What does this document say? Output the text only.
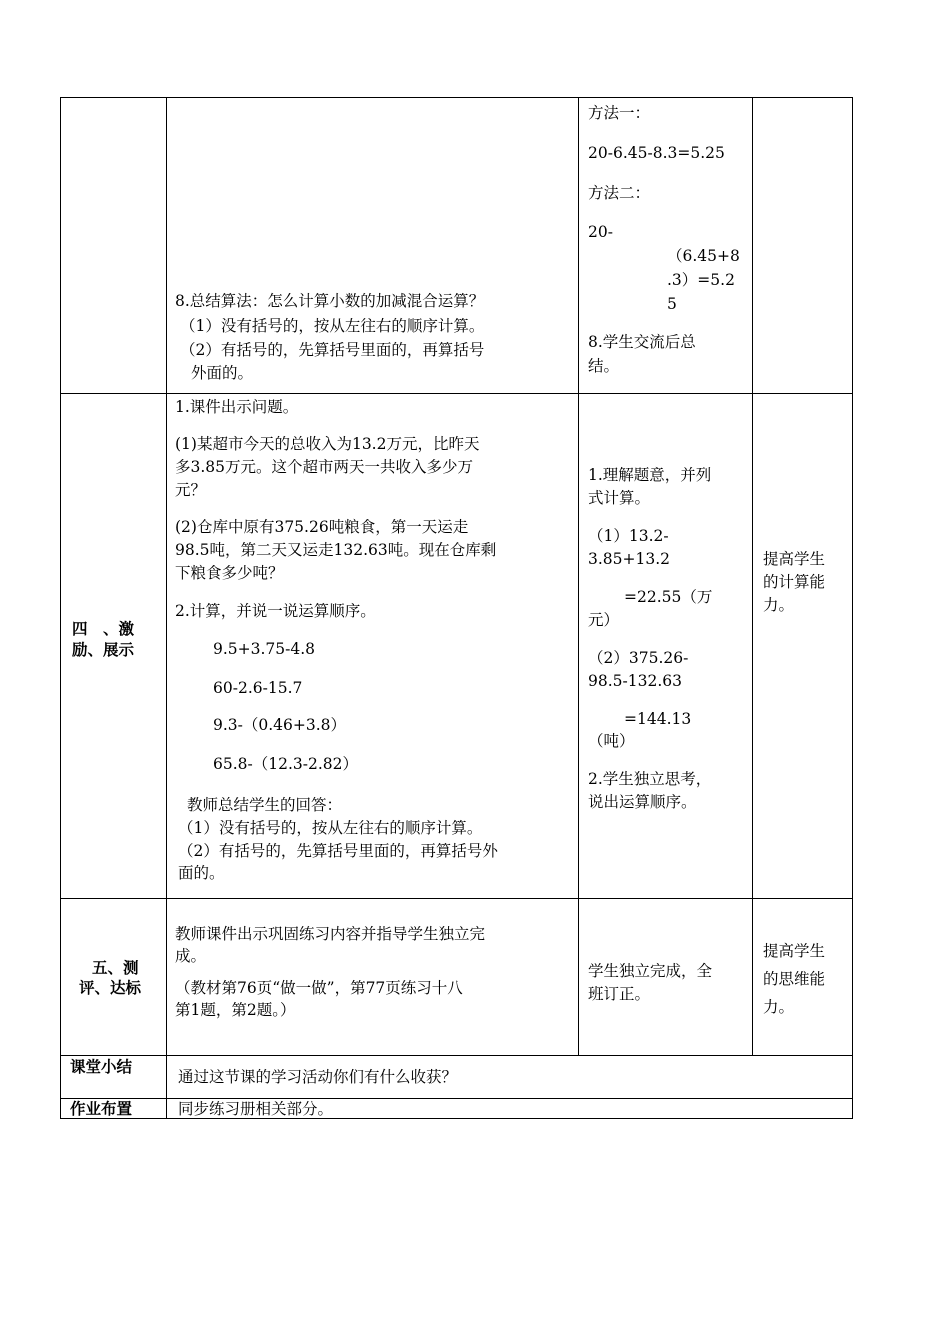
8.总结算法：怎么计算小数的加减混合运算？
（1）没有括号的，按从左往右的顺序计算。
（2）有括号的，先算括号里面的，再算括号
外面的。
方法一：
20-6.45-8.3=5.25
方法二：
20-
（6.45+8
.3）=5.2
5
8.学生交流后总
结。
四　、激
励、展示
1.课件出示问题。
(1)某超市今天的总收入为13.2万元，比昨天
多3.85万元。这个超市两天一共收入多少万
元？
(2)仓库中原有375.26吨粮食，第一天运走
98.5吨，第二天又运走132.63吨。现在仓库剩
下粮食多少吨？
2.计算，并说一说运算顺序。
9.5+3.75-4.8
60-2.6-15.7
9.3-（0.46+3.8）
65.8-（12.3-2.82）
教师总结学生的回答：
（1）没有括号的，按从左往右的顺序计算。
（2）有括号的，先算括号里面的，再算括号外
面的。
1.理解题意，并列
式计算。
（1）13.2-
3.85+13.2
=22.55（万
元）
（2）375.26-
98.5-132.63
=144.13
（吨）
2.学生独立思考，
说出运算顺序。
提高学生
的计算能
力。
五、测
评、达标
教师课件出示巩固练习内容并指导学生独立完
成。
（教材第76页“做一做”，第77页练习十八
第1题，第2题。）
学生独立完成，全
班订正。
提高学生
的思维能
力。
课堂小结
通过这节课的学习活动你们有什么收获？
作业布置	同步练习册相关部分。
